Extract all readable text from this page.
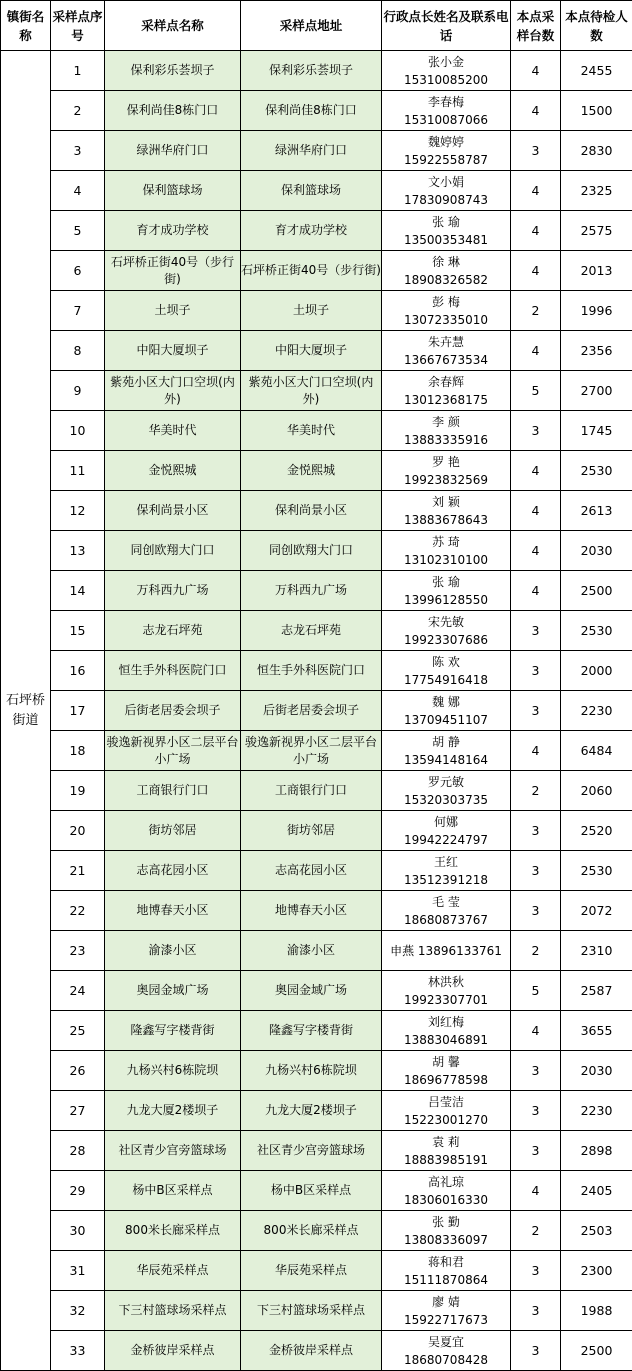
镇街名称	采样点序号	采样点名称	采样点地址	行政点长姓名及联系电话	本点采样台数	本点待检人数
石坪桥街道	1	保利彩乐荟坝子	保利彩乐荟坝子	张小金
15310085200	4	2455
	2	保利尚佳8栋门口	保利尚佳8栋门口	李春梅
15310087066	4	1500
	3	绿洲华府门口	绿洲华府门口	魏婷婷
15922558787	3	2830
	4	保利篮球场	保利篮球场	文小娟
17830908743	4	2325
	5	育才成功学校	育才成功学校	张 瑜
13500353481	4	2575
	6	石坪桥正街40号（步行街)	石坪桥正街40号（步行街)	徐 琳
18908326582	4	2013
	7	土坝子	土坝子	彭 梅
13072335010	2	1996
	8	中阳大厦坝子	中阳大厦坝子	朱卉慧
13667673534	4	2356
	9	紫苑小区大门口空坝(内外)	紫苑小区大门口空坝(内外)	余春辉
13012368175	5	2700
	10	华美时代	华美时代	李 颜
13883335916	3	1745
	11	金悦熙城	金悦熙城	罗 艳
19923832569	4	2530
	12	保利尚景小区	保利尚景小区	刘 颖
13883678643	4	2613
	13	同创欧翔大门口	同创欧翔大门口	苏 琦
13102310100	4	2030
	14	万科西九广场	万科西九广场	张 瑜
13996128550	4	2500
	15	志龙石坪苑	志龙石坪苑	宋先敏
19923307686	3	2530
	16	恒生手外科医院门口	恒生手外科医院门口	陈 欢
17754916418	3	2000
	17	后街老居委会坝子	后街老居委会坝子	魏 娜
13709451107	3	2230
	18	骏逸新视界小区二层平台小广场	骏逸新视界小区二层平台小广场	胡 静
13594148164	4	6484
	19	工商银行门口	工商银行门口	罗元敏
15320303735	2	2060
	20	街坊邻居	街坊邻居	何娜
19942224797	3	2520
	21	志高花园小区	志高花园小区	王红
13512391218	3	2530
	22	地博春天小区	地博春天小区	毛 莹
18680873767	3	2072
	23	渝漆小区	渝漆小区	申燕 13896133761	2	2310
	24	奥园金域广场	奥园金域广场	林洪秋
19923307701	5	2587
	25	隆鑫写字楼背街	隆鑫写字楼背街	刘红梅
13883046891	4	3655
	26	九杨兴村6栋院坝	九杨兴村6栋院坝	胡 馨
18696778598	3	2030
	27	九龙大厦2楼坝子	九龙大厦2楼坝子	吕莹洁
15223001270	3	2230
	28	社区青少宫旁篮球场	社区青少宫旁篮球场	袁 莉
18883985191	3	2898
	29	杨中B区采样点	杨中B区采样点	高礼琼
18306016330	4	2405
	30	800米长廊采样点	800米长廊采样点	张 勤
13808336097	2	2503
	31	华辰苑采样点	华辰苑采样点	蒋和君
15111870864	3	2300
	32	下三村篮球场采样点	下三村篮球场采样点	廖 婧
15922717673	3	1988
	33	金桥彼岸采样点	金桥彼岸采样点	吴夏宜
18680708428	3	2500
